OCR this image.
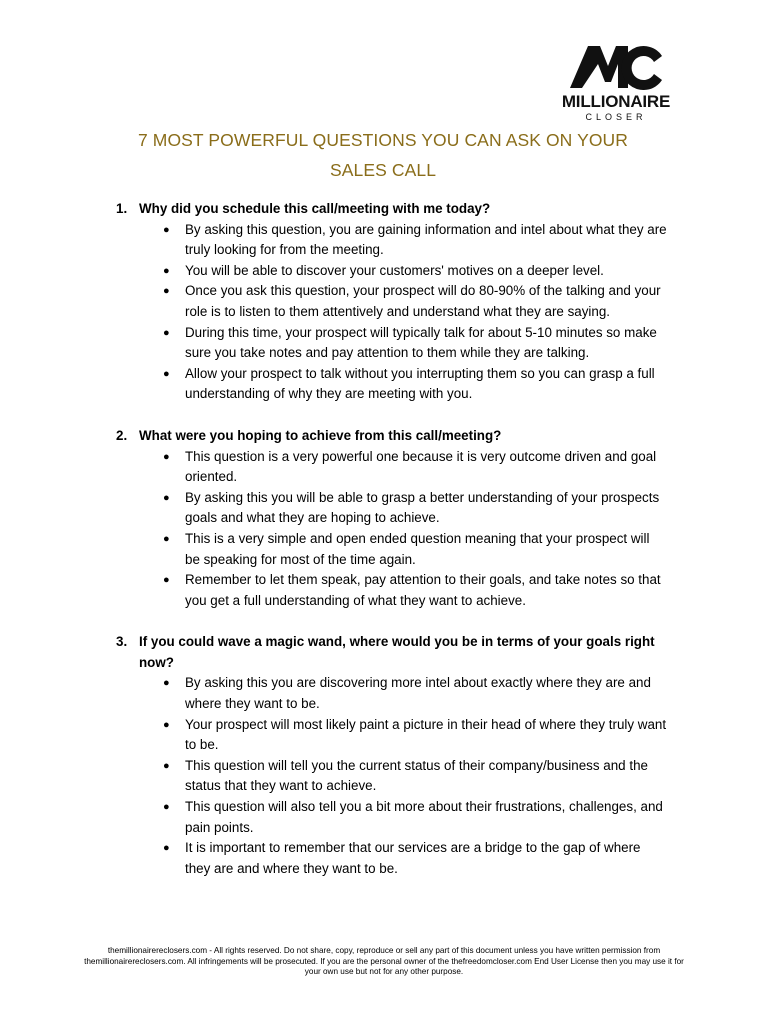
MILLIONAIRE
CLOSER
7 MOST POWERFUL QUESTIONS YOU CAN ASK ON YOUR
SALES CALL
1. Why did you schedule this call/meeting with me today?
● By asking this question, you are gaining information and intel about what they are truly looking for from the meeting.
● You will be able to discover your customers' motives on a deeper level.
● Once you ask this question, your prospect will do 80-90% of the talking and your role is to listen to them attentively and understand what they are saying.
● During this time, your prospect will typically talk for about 5-10 minutes so make sure you take notes and pay attention to them while they are talking.
● Allow your prospect to talk without you interrupting them so you can grasp a full understanding of why they are meeting with you.
2. What were you hoping to achieve from this call/meeting?
● This question is a very powerful one because it is very outcome driven and goal oriented.
● By asking this you will be able to grasp a better understanding of your prospects goals and what they are hoping to achieve.
● This is a very simple and open ended question meaning that your prospect will be speaking for most of the time again.
● Remember to let them speak, pay attention to their goals, and take notes so that you get a full understanding of what they want to achieve.
3. If you could wave a magic wand, where would you be in terms of your goals right now?
● By asking this you are discovering more intel about exactly where they are and where they want to be.
● Your prospect will most likely paint a picture in their head of where they truly want to be.
● This question will tell you the current status of their company/business and the status that they want to achieve.
● This question will also tell you a bit more about their frustrations, challenges, and pain points.
● It is important to remember that our services are a bridge to the gap of where they are and where they want to be.
themillionairereclosers.com - All rights reserved. Do not share, copy, reproduce or sell any part of this document unless you have written permission from themillionairereclosers.com. All infringements will be prosecuted. If you are the personal owner of the thefreedomcloser.com End User License then you may use it for your own use but not for any other purpose.
